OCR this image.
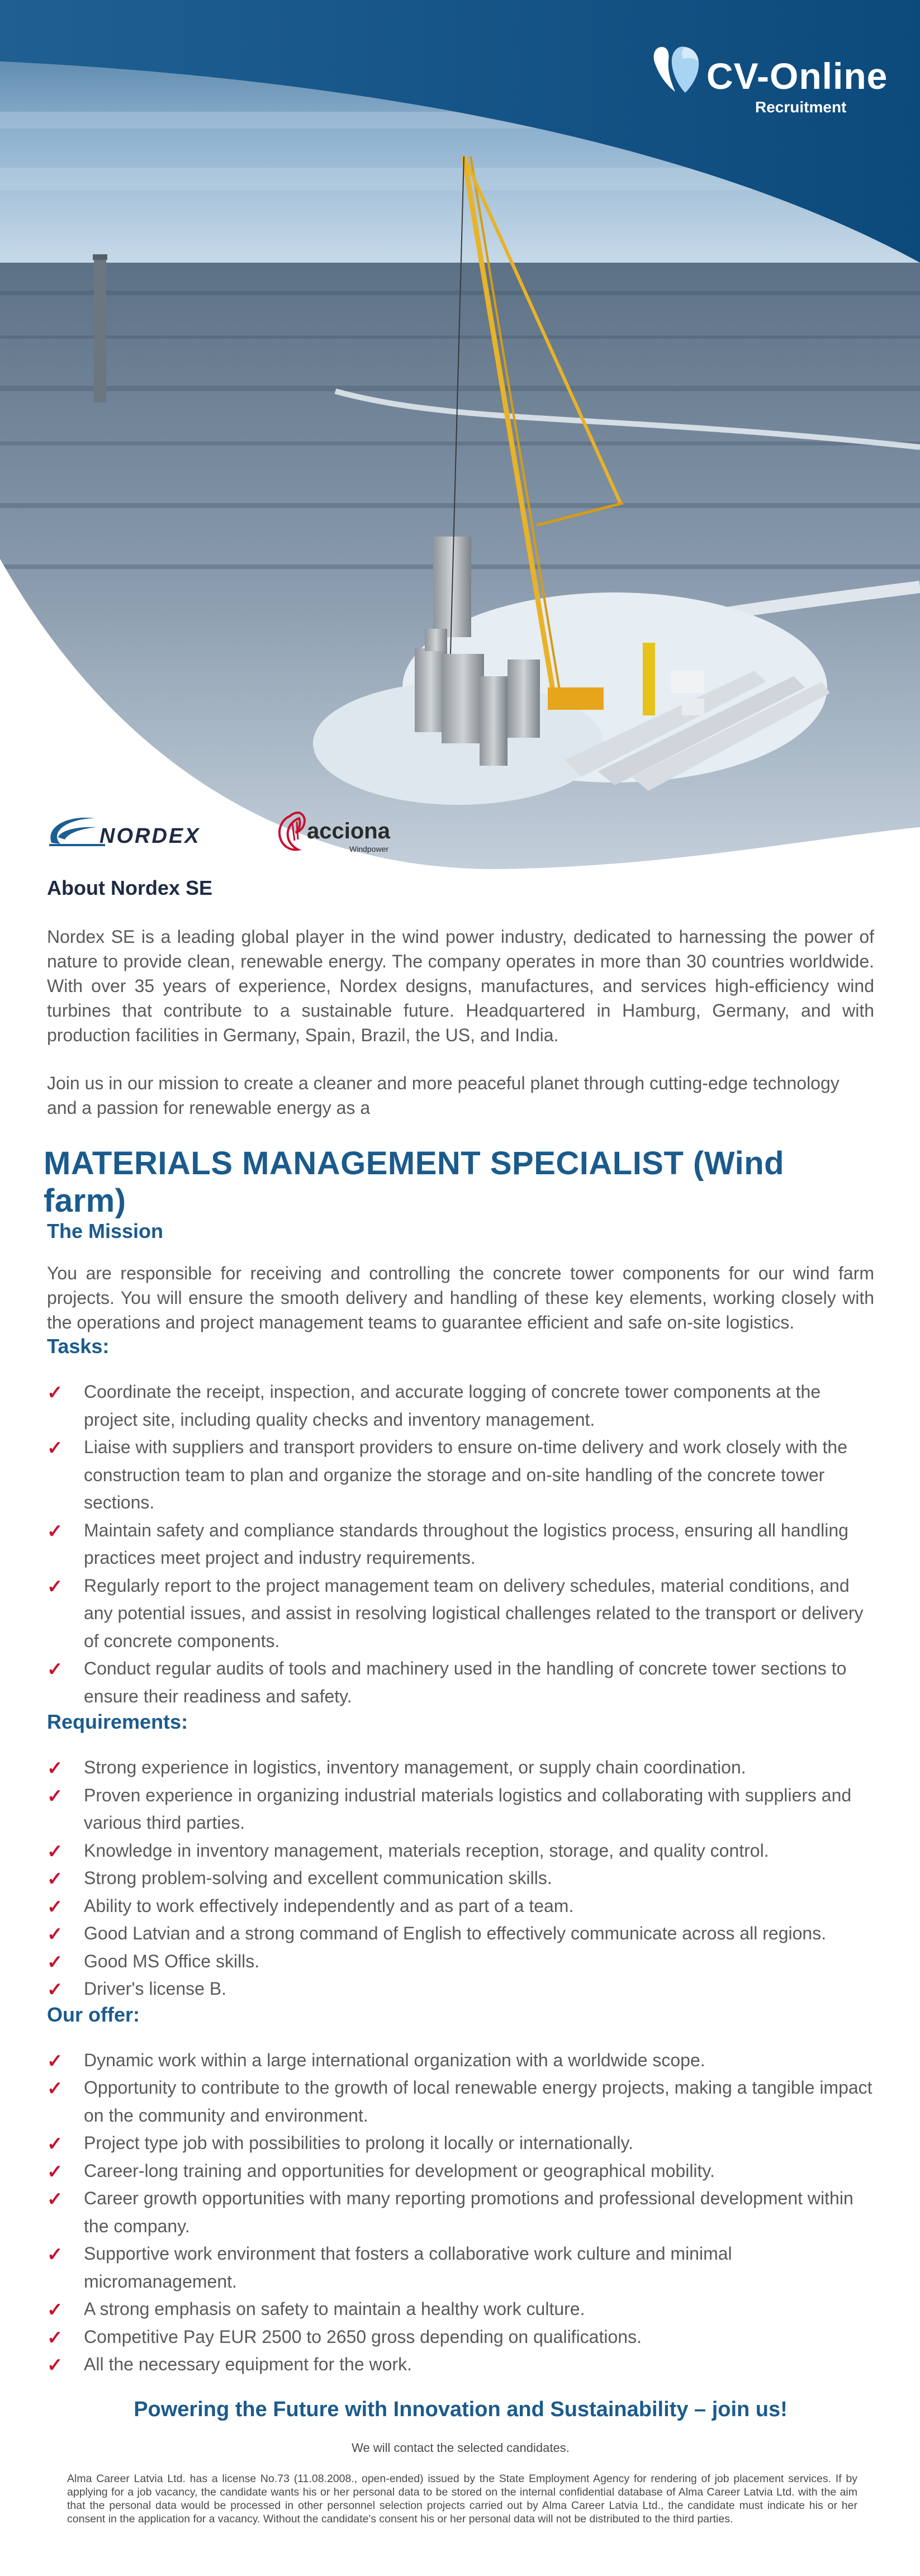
CV-Online
Recruitment
NORDEX	acciona
Windpower
About Nordex SE

Nordex SE is a leading global player in the wind power industry, dedicated to harnessing the power of nature to provide clean, renewable energy. The company operates in more than 30 countries worldwide. With over 35 years of experience, Nordex designs, manufactures, and services high-efficiency wind turbines that contribute to a sustainable future. Headquartered in Hamburg, Germany, and with production facilities in Germany, Spain, Brazil, the US, and India.

Join us in our mission to create a cleaner and more peaceful planet through cutting-edge technology and a passion for renewable energy as a

MATERIALS MANAGEMENT SPECIALIST (Wind farm)
The Mission

You are responsible for receiving and controlling the concrete tower components for our wind farm projects. You will ensure the smooth delivery and handling of these key elements, working closely with the operations and project management teams to guarantee efficient and safe on-site logistics.

Tasks:
✓ Coordinate the receipt, inspection, and accurate logging of concrete tower components at the project site, including quality checks and inventory management.
✓ Liaise with suppliers and transport providers to ensure on-time delivery and work closely with the construction team to plan and organize the storage and on-site handling of the concrete tower sections.
✓ Maintain safety and compliance standards throughout the logistics process, ensuring all handling practices meet project and industry requirements.
✓ Regularly report to the project management team on delivery schedules, material conditions, and any potential issues, and assist in resolving logistical challenges related to the transport or delivery of concrete components.
✓ Conduct regular audits of tools and machinery used in the handling of concrete tower sections to ensure their readiness and safety.
Requirements:
✓ Strong experience in logistics, inventory management, or supply chain coordination.
✓ Proven experience in organizing industrial materials logistics and collaborating with suppliers and various third parties.
✓ Knowledge in inventory management, materials reception, storage, and quality control.
✓ Strong problem-solving and excellent communication skills.
✓ Ability to work effectively independently and as part of a team.
✓ Good Latvian and a strong command of English to effectively communicate across all regions.
✓ Good MS Office skills.
✓ Driver's license B.
Our offer:
✓ Dynamic work within a large international organization with a worldwide scope.
✓ Opportunity to contribute to the growth of local renewable energy projects, making a tangible impact on the community and environment.
✓ Project type job with possibilities to prolong it locally or internationally.
✓ Career-long training and opportunities for development or geographical mobility.
✓ Career growth opportunities with many reporting promotions and professional development within the company.
✓ Supportive work environment that fosters a collaborative work culture and minimal micromanagement.
✓ A strong emphasis on safety to maintain a healthy work culture.
✓ Competitive Pay EUR 2500 to 2650 gross depending on qualifications.
✓ All the necessary equipment for the work.
Powering the Future with Innovation and Sustainability – join us!
We will contact the selected candidates.
Alma Career Latvia Ltd. has a license No.73 (11.08.2008., open-ended) issued by the State Employment Agency for rendering of job placement services. If by applying for a job vacancy, the candidate wants his or her personal data to be stored on the internal confidential database of Alma Career Latvia Ltd. with the aim that the personal data would be processed in other personnel selection projects carried out by Alma Career Latvia Ltd., the candidate must indicate his or her consent in the application for a vacancy. Without the candidate's consent his or her personal data will not be distributed to the third parties.
